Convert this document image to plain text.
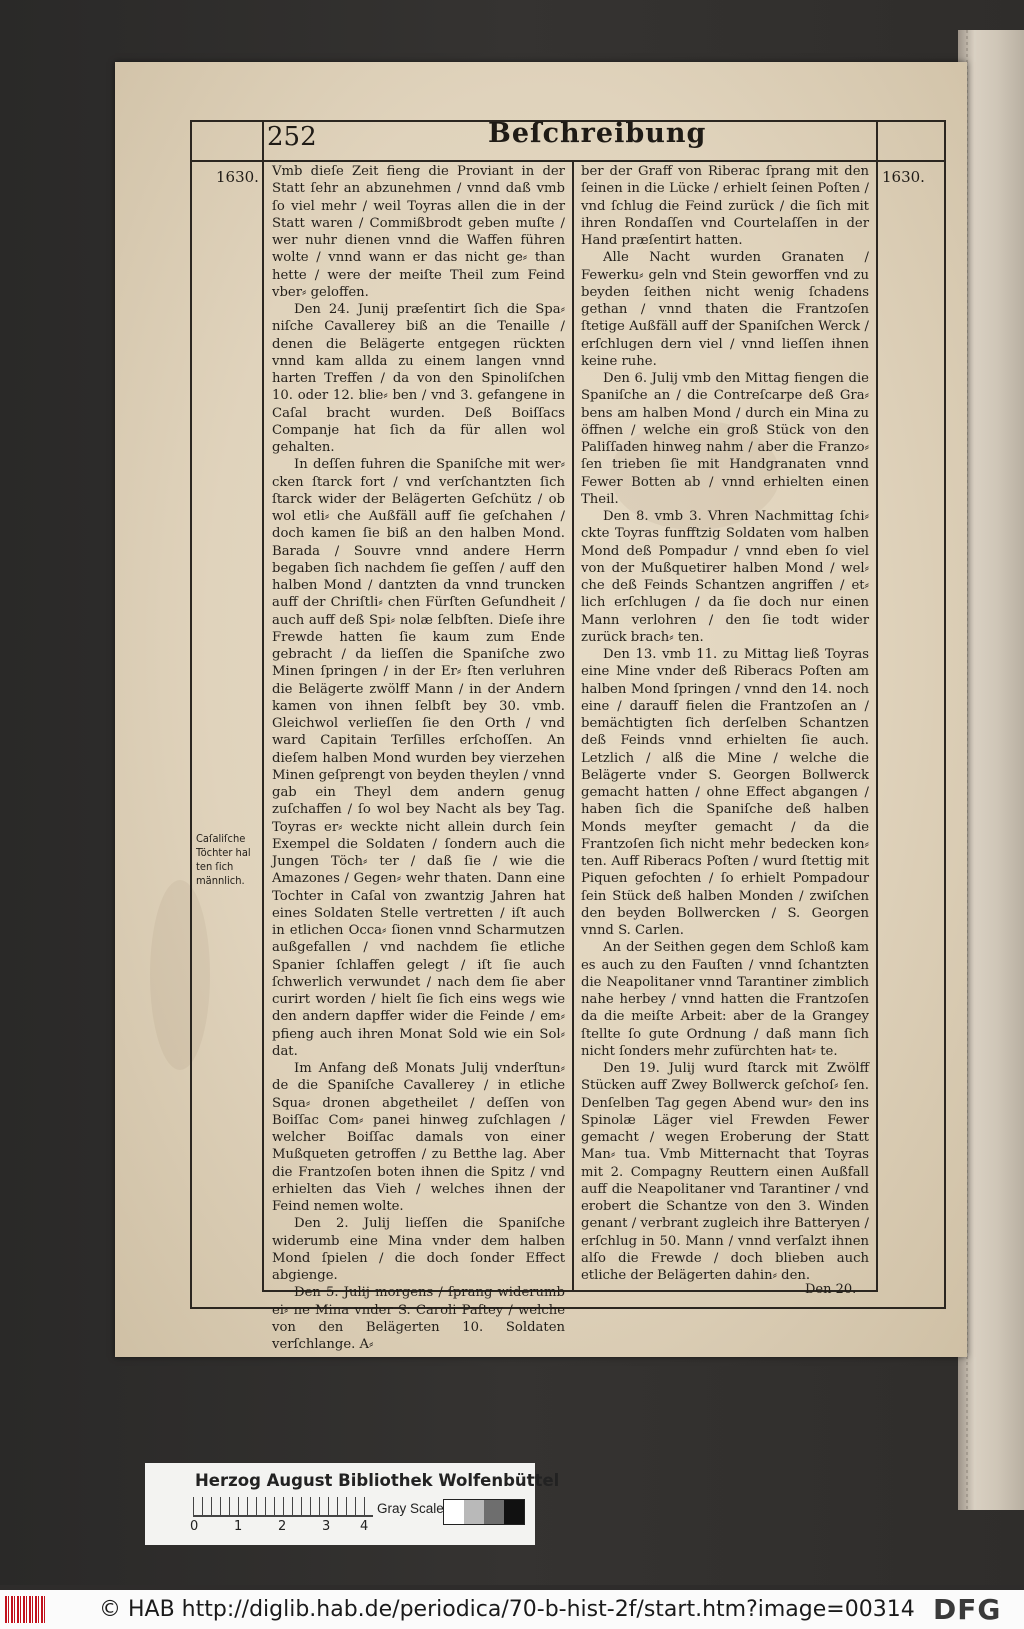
252	Beſchreibung
1630.	1630.
Caſaliſche Töchter hal ten ſich männlich.

Vmb dieſe Zeit fieng die Proviant in der Statt ſehr an abzunehmen / vnnd daß vmb ſo viel mehr / weil Toyras allen die in der Statt waren / Commißbrodt geben muſte / wer nuhr dienen vnnd die Waffen führen wolte / vnnd wann er das nicht ge⸗ than hette / were der meiſte Theil zum Feind vber⸗ geloffen.

Den 24. Junij præſentirt ſich die Spa⸗ niſche Cavallerey biß an die Tenaille / denen die Belägerte entgegen rückten vnnd kam allda zu einem langen vnnd harten Treffen / da von den Spinoliſchen 10. oder 12. blie⸗ ben / vnd 3. gefangene in Caſal bracht wurden. Deß Boiſſacs Companje hat ſich da für allen wol gehalten.

In deſſen fuhren die Spaniſche mit wer⸗ cken ſtarck fort / vnd verſchantzten ſich ſtarck wider der Belägerten Geſchütz / ob wol etli⸗ che Außfäll auff ſie geſchahen / doch kamen ſie biß an den halben Mond. Barada / Souvre vnnd andere Herrn begaben ſich nachdem ſie geſſen / auff den halben Mond / dantzten da vnnd truncken auff der Chriſtli⸗ chen Fürſten Geſundheit / auch auff deß Spi⸗ nolæ ſelbſten. Dieſe ihre Frewde hatten ſie kaum zum Ende gebracht / da lieſſen die Spaniſche zwo Minen ſpringen / in der Er⸗ ſten verluhren die Belägerte zwölff Mann / in der Andern kamen von ihnen ſelbſt bey 30. vmb. Gleichwol verlieſſen ſie den Orth / vnd ward Capitain Terſilles erſchoſſen. An dieſem halben Mond wurden bey vierzehen Minen geſprengt von beyden theylen / vnnd gab ein Theyl dem andern genug zuſchaffen / ſo wol bey Nacht als bey Tag. Toyras er⸗ weckte nicht allein durch ſein Exempel die Soldaten / ſondern auch die Jungen Töch⸗ ter / daß ſie / wie die Amazones / Gegen⸗ wehr thaten. Dann eine Tochter in Caſal von zwantzig Jahren hat eines Soldaten Stelle vertretten / iſt auch in etlichen Occa⸗ ſionen vnnd Scharmutzen außgefallen / vnd nachdem ſie etliche Spanier ſchlaffen gelegt / iſt ſie auch ſchwerlich verwundet / nach dem ſie aber curirt worden / hielt ſie ſich eins wegs wie den andern dapffer wider die Feinde / em⸗ pfieng auch ihren Monat Sold wie ein Sol⸗ dat.

Im Anfang deß Monats Julij vnderſtun⸗ de die Spaniſche Cavallerey / in etliche Squa⸗ dronen abgetheilet / deſſen von Boiſſac Com⸗ panei hinweg zuſchlagen / welcher Boiſſac damals von einer Mußqueten getroffen / zu Betthe lag. Aber die Frantzoſen boten ihnen die Spitz / vnd erhielten das Vieh / welches ihnen der Feind nemen wolte.

Den 2. Julij lieſſen die Spaniſche widerumb eine Mina vnder dem halben Mond ſpielen / die doch ſonder Effect abgienge.

Den 5. Julij morgens / ſprang widerumb ei⸗ ne Mina vnder S. Caroli Paſtey / welche von den Belägerten 10. Soldaten verſchlange. A⸗

ber der Graff von Riberac ſprang mit den ſeinen in die Lücke / erhielt ſeinen Poſten / vnd ſchlug die Feind zurück / die ſich mit ihren Rondaſſen vnd Courtelaſſen in der Hand præſentirt hatten.

Alle Nacht wurden Granaten / Fewerku⸗ geln vnd Stein geworffen vnd zu beyden ſeithen nicht wenig ſchadens gethan / vnnd thaten die Frantzoſen ſtetige Außfäll auff der Spaniſchen Werck / erſchlugen dern viel / vnnd lieſſen ihnen keine ruhe.

Den 6. Julij vmb den Mittag fiengen die Spaniſche an / die Contreſcarpe deß Gra⸗ bens am halben Mond / durch ein Mina zu öffnen / welche ein groß Stück von den Paliſſaden hinweg nahm / aber die Franzo⸗ ſen trieben ſie mit Handgranaten vnnd Fewer Botten ab / vnnd erhielten einen Theil.

Den 8. vmb 3. Vhren Nachmittag ſchi⸗ ckte Toyras funfftzig Soldaten vom halben Mond deß Pompadur / vnnd eben ſo viel von der Mußquetirer halben Mond / wel⸗ che deß Feinds Schantzen angriffen / et⸗ lich erſchlugen / da ſie doch nur einen Mann verlohren / den ſie todt wider zurück brach⸗ ten.

Den 13. vmb 11. zu Mittag ließ Toyras eine Mine vnder deß Riberacs Poſten am halben Mond ſpringen / vnnd den 14. noch eine / darauff fielen die Frantzoſen an / bemächtigten ſich derſelben Schantzen deß Feinds vnnd erhielten ſie auch. Letzlich / alß die Mine / welche die Belägerte vnder S. Georgen Bollwerck gemacht hatten / ohne Effect abgangen / haben ſich die Spaniſche deß halben Monds meyſter gemacht / da die Frantzoſen ſich nicht mehr bedecken kon⸗ ten. Auff Riberacs Poſten / wurd ſtettig mit Piquen gefochten / ſo erhielt Pompadour ſein Stück deß halben Monden / zwiſchen den beyden Bollwercken / S. Georgen vnnd S. Carlen.

An der Seithen gegen dem Schloß kam es auch zu den Fauſten / vnnd ſchantzten die Neapolitaner vnnd Tarantiner zimblich nahe herbey / vnnd hatten die Frantzoſen da die meiſte Arbeit: aber de la Grangey ſtellte ſo gute Ordnung / daß mann ſich nicht ſonders mehr zufürchten hat⸗ te.

Den 19. Julij wurd ſtarck mit Zwölff Stücken auff Zwey Bollwerck geſchoſ⸗ ſen. Denſelben Tag gegen Abend wur⸗ den ins Spinolæ Läger viel Frewden Fewer gemacht / wegen Eroberung der Statt Man⸗ tua. Vmb Mitternacht that Toyras mit 2. Compagny Reuttern einen Außfall auff die Neapolitaner vnd Tarantiner / vnd erobert die Schantze von den 3. Winden genant / verbrant zugleich ihre Batteryen / erſchlug in 50. Mann / vnnd verſalzt ihnen alſo die Frewde / doch blieben auch etliche der Belägerten dahin⸗ den.

Den 20.
Herzog August Bibliothek Wolfenbüttel
0	1	2	3 4
Gray Scale
© HAB http://diglib.hab.de/periodica/70-b-hist-2f/start.htm?image=00314 DFG
